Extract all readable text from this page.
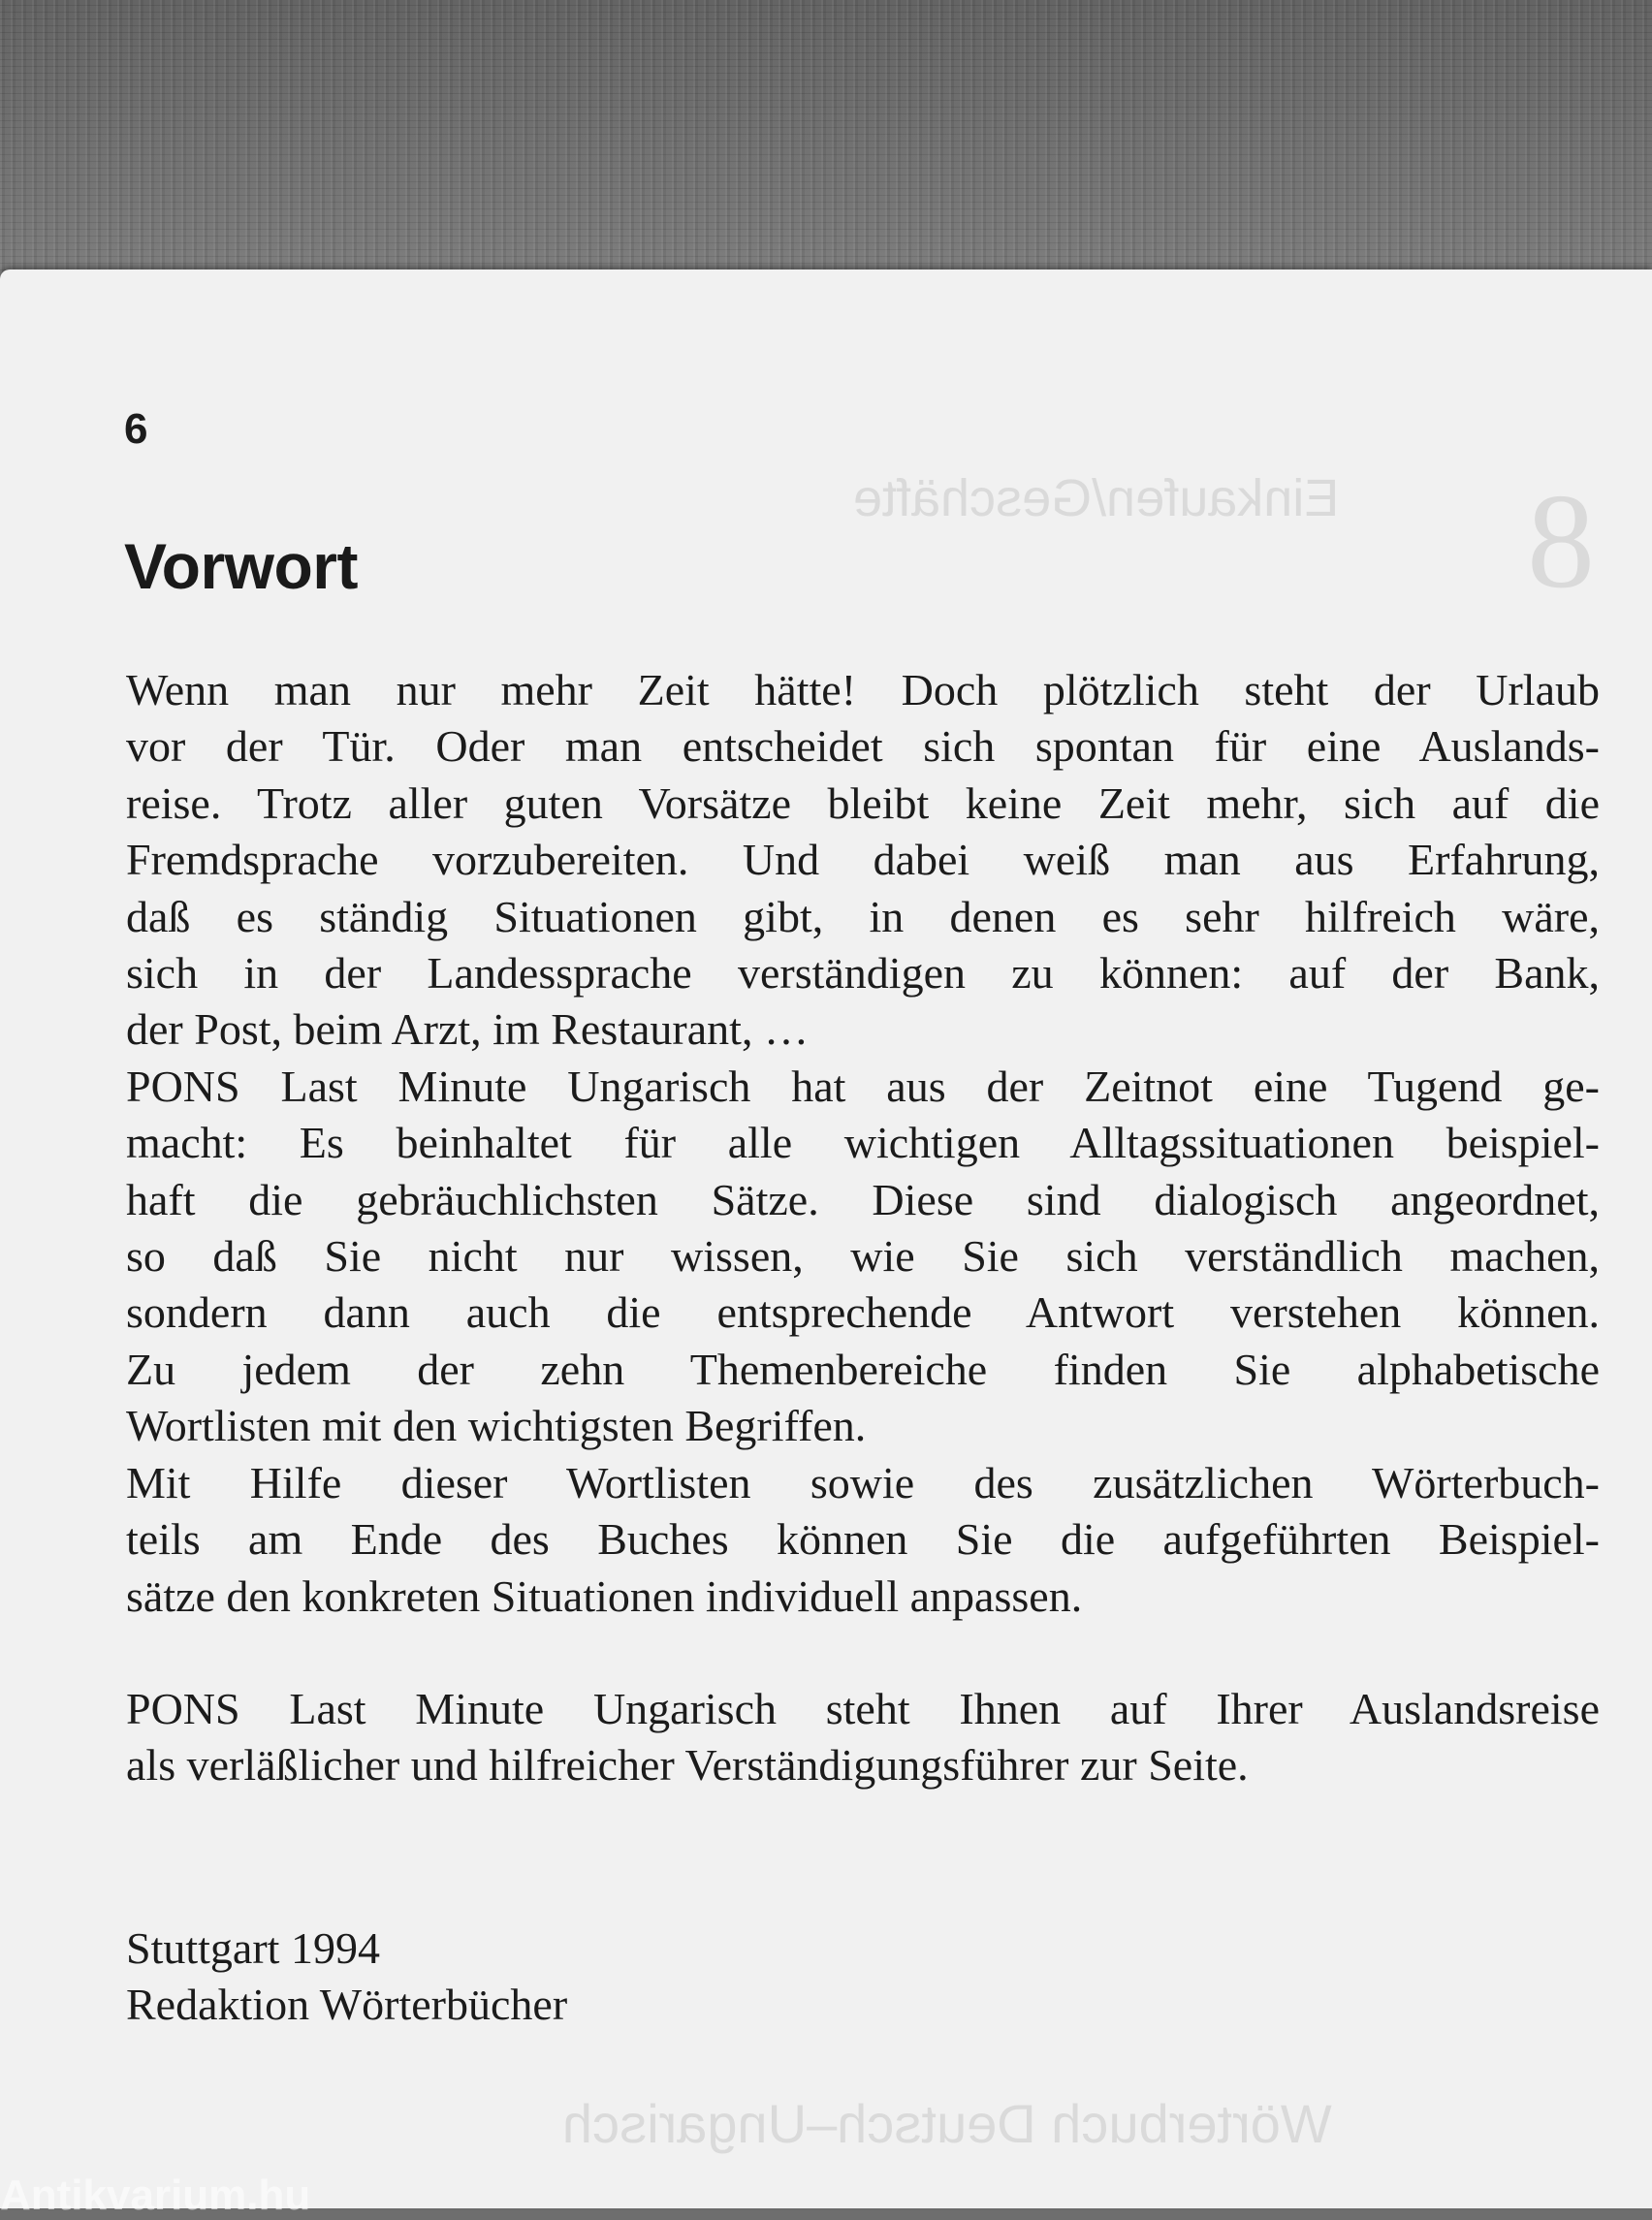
Einkaufen/Geschäfte 8
Wörterbuch Deutsch–Ungarisch

6

Vorwort
Wenn man nur mehr Zeit hätte! Doch plötzlich steht der Urlaub
vor der Tür. Oder man entscheidet sich spontan für eine Auslands-
reise. Trotz aller guten Vorsätze bleibt keine Zeit mehr, sich auf die
Fremdsprache vorzubereiten. Und dabei weiß man aus Erfahrung,
daß es ständig Situationen gibt, in denen es sehr hilfreich wäre,
sich in der Landessprache verständigen zu können: auf der Bank,
der Post, beim Arzt, im Restaurant, …
PONS Last Minute Ungarisch hat aus der Zeitnot eine Tugend ge-
macht: Es beinhaltet für alle wichtigen Alltagssituationen beispiel-
haft die gebräuchlichsten Sätze. Diese sind dialogisch angeordnet,
so daß Sie nicht nur wissen, wie Sie sich verständlich machen,
sondern dann auch die entsprechende Antwort verstehen können.
Zu jedem der zehn Themenbereiche finden Sie alphabetische
Wortlisten mit den wichtigsten Begriffen.
Mit Hilfe dieser Wortlisten sowie des zusätzlichen Wörterbuch-
teils am Ende des Buches können Sie die aufgeführten Beispiel-
sätze den konkreten Situationen individuell anpassen.
PONS Last Minute Ungarisch steht Ihnen auf Ihrer Auslandsreise
als verläßlicher und hilfreicher Verständigungsführer zur Seite.
Stuttgart 1994
Redaktion Wörterbücher

Antikvarium.hu
